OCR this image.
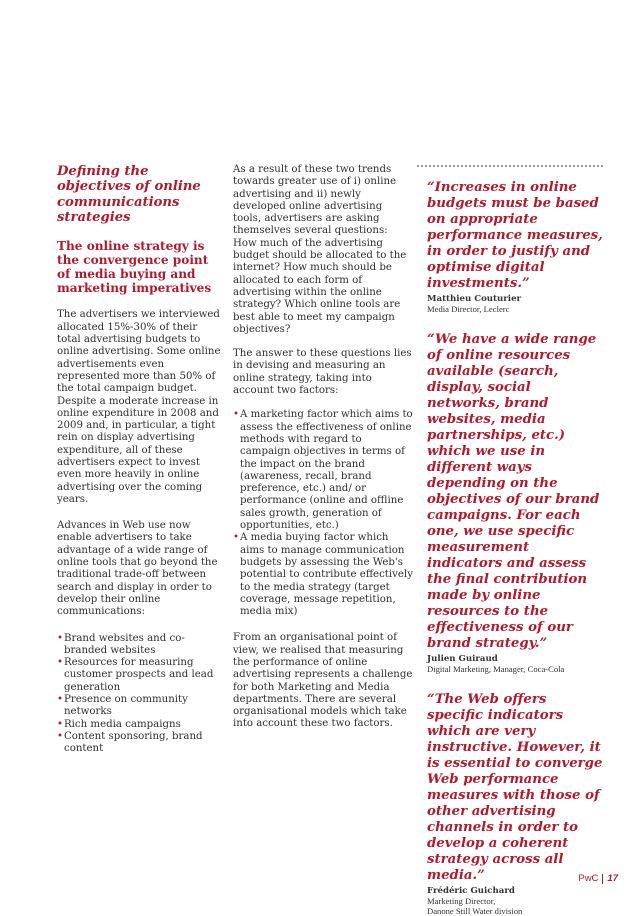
Defining the objectives of online communications strategies
The online strategy is the convergence point of media buying and marketing imperatives

The advertisers we interviewed allocated 15%-30% of their total advertising budgets to online advertising. Some online advertisements even represented more than 50% of the total campaign budget. Despite a moderate increase in online expenditure in 2008 and 2009 and, in particular, a tight rein on display advertising expenditure, all of these advertisers expect to invest even more heavily in online advertising over the coming years.

Advances in Web use now enable advertisers to take advantage of a wide range of online tools that go beyond the traditional trade-off between search and display in order to develop their online communications:

• Brand websites and co-branded websites
• Resources for measuring customer prospects and lead generation
• Presence on community networks
• Rich media campaigns
• Content sponsoring, brand content

As a result of these two trends towards greater use of i) online advertising and ii) newly developed online advertising tools, advertisers are asking themselves several questions: How much of the advertising budget should be allocated to the internet? How much should be allocated to each form of advertising within the online strategy? Which online tools are best able to meet my campaign objectives?

The answer to these questions lies in devising and measuring an online strategy, taking into account two factors:

• A marketing factor which aims to assess the effectiveness of online methods with regard to campaign objectives in terms of the impact on the brand (awareness, recall, brand preference, etc.) and/ or performance (online and offline sales growth, generation of opportunities, etc.)
• A media buying factor which aims to manage communication budgets by assessing the Web's potential to contribute effectively to the media strategy (target coverage, message repetition, media mix)

From an organisational point of view, we realised that measuring the performance of online advertising represents a challenge for both Marketing and Media departments. There are several organisational models which take into account these two factors.

“Increases in online budgets must be based on appropriate performance measures, in order to justify and optimise digital investments.”

Matthieu Couturier

Media Director, Leclerc

“We have a wide range of online resources available (search, display, social networks, brand websites, media partnerships, etc.) which we use in different ways depending on the objectives of our brand campaigns. For each one, we use specific measurement indicators and assess the final contribution made by online resources to the effectiveness of our brand strategy.”

Julien Guiraud

Digital Marketing, Manager, Coca-Cola

“The Web offers specific indicators which are very instructive. However, it is essential to converge Web performance measures with those of other advertising channels in order to develop a coherent strategy across all media.”

Frédéric Guichard

Marketing Director,

Danone Still Water division

PwC 17
